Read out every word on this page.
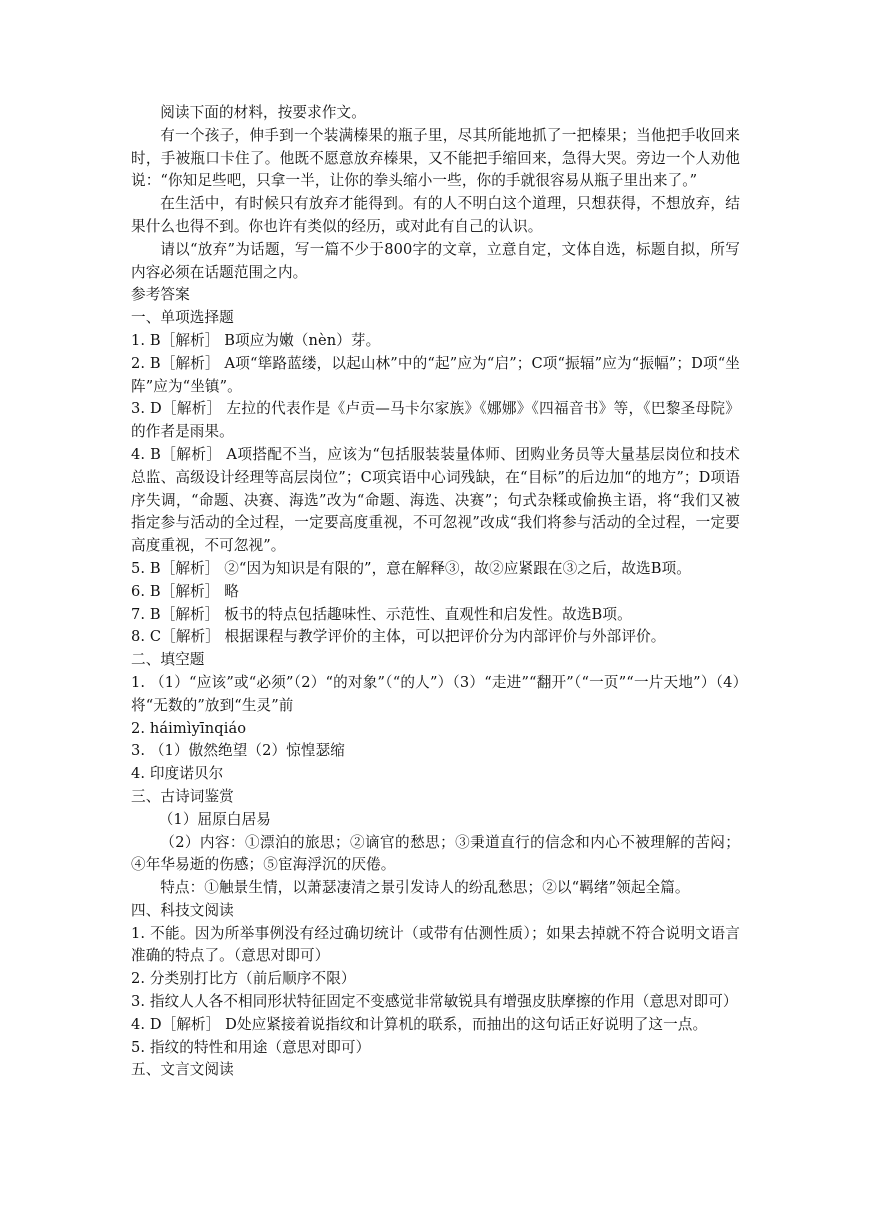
阅读下面的材料，按要求作文。

有一个孩子，伸手到一个装满榛果的瓶子里，尽其所能地抓了一把榛果；当他把手收回来时，手被瓶口卡住了。他既不愿意放弃榛果，又不能把手缩回来，急得大哭。旁边一个人劝他说：“你知足些吧，只拿一半，让你的拳头缩小一些，你的手就很容易从瓶子里出来了。”

在生活中，有时候只有放弃才能得到。有的人不明白这个道理，只想获得，不想放弃，结果什么也得不到。你也许有类似的经历，或对此有自己的认识。

请以“放弃”为话题，写一篇不少于800字的文章，立意自定，文体自选，标题自拟，所写内容必须在话题范围之内。

参考答案

一、单项选择题

1. B［解析］ B项应为嫩（nèn）芽。

2. B［解析］ A项“筚路蓝缕，以起山林”中的“起”应为“启”；C项“振辐”应为“振幅”；D项“坐阵”应为“坐镇”。

3. D［解析］ 左拉的代表作是《卢贡—马卡尔家族》《娜娜》《四福音书》等，《巴黎圣母院》的作者是雨果。

4. B［解析］ A项搭配不当，应该为“包括服装装量体师、团购业务员等大量基层岗位和技术总监、高级设计经理等高层岗位”；C项宾语中心词残缺，在“目标”的后边加“的地方”；D项语序失调，“命题、决赛、海选”改为“命题、海选、决赛”；句式杂糅或偷换主语，将“我们又被指定参与活动的全过程，一定要高度重视，不可忽视”改成“我们将参与活动的全过程，一定要高度重视，不可忽视”。

5. B［解析］ ②“因为知识是有限的”，意在解释③，故②应紧跟在③之后，故选B项。

6. B［解析］ 略

7. B［解析］ 板书的特点包括趣味性、示范性、直观性和启发性。故选B项。

8. C［解析］ 根据课程与教学评价的主体，可以把评价分为内部评价与外部评价。

二、填空题

1. （1）“应该”或“必须”（2）“的对象”（“的人”）（3）“走进”“翻开”（“一页”“一片天地”）（4）将“无数的”放到“生灵”前

2. háimìyīnqiáo

3. （1）傲然绝望（2）惊惶瑟缩

4. 印度诺贝尔

三、古诗词鉴赏

（1）屈原白居易

（2）内容：①漂泊的旅思；②谪官的愁思；③秉道直行的信念和内心不被理解的苦闷；④年华易逝的伤感；⑤宦海浮沉的厌倦。

特点：①触景生情，以萧瑟凄清之景引发诗人的纷乱愁思；②以“羁绪”领起全篇。

四、科技文阅读

1. 不能。因为所举事例没有经过确切统计（或带有估测性质）；如果去掉就不符合说明文语言准确的特点了。（意思对即可）

2. 分类别打比方（前后顺序不限）

3. 指纹人人各不相同形状特征固定不变感觉非常敏锐具有增强皮肤摩擦的作用（意思对即可）

4. D［解析］ D处应紧接着说指纹和计算机的联系，而抽出的这句话正好说明了这一点。

5. 指纹的特性和用途（意思对即可）

五、文言文阅读
